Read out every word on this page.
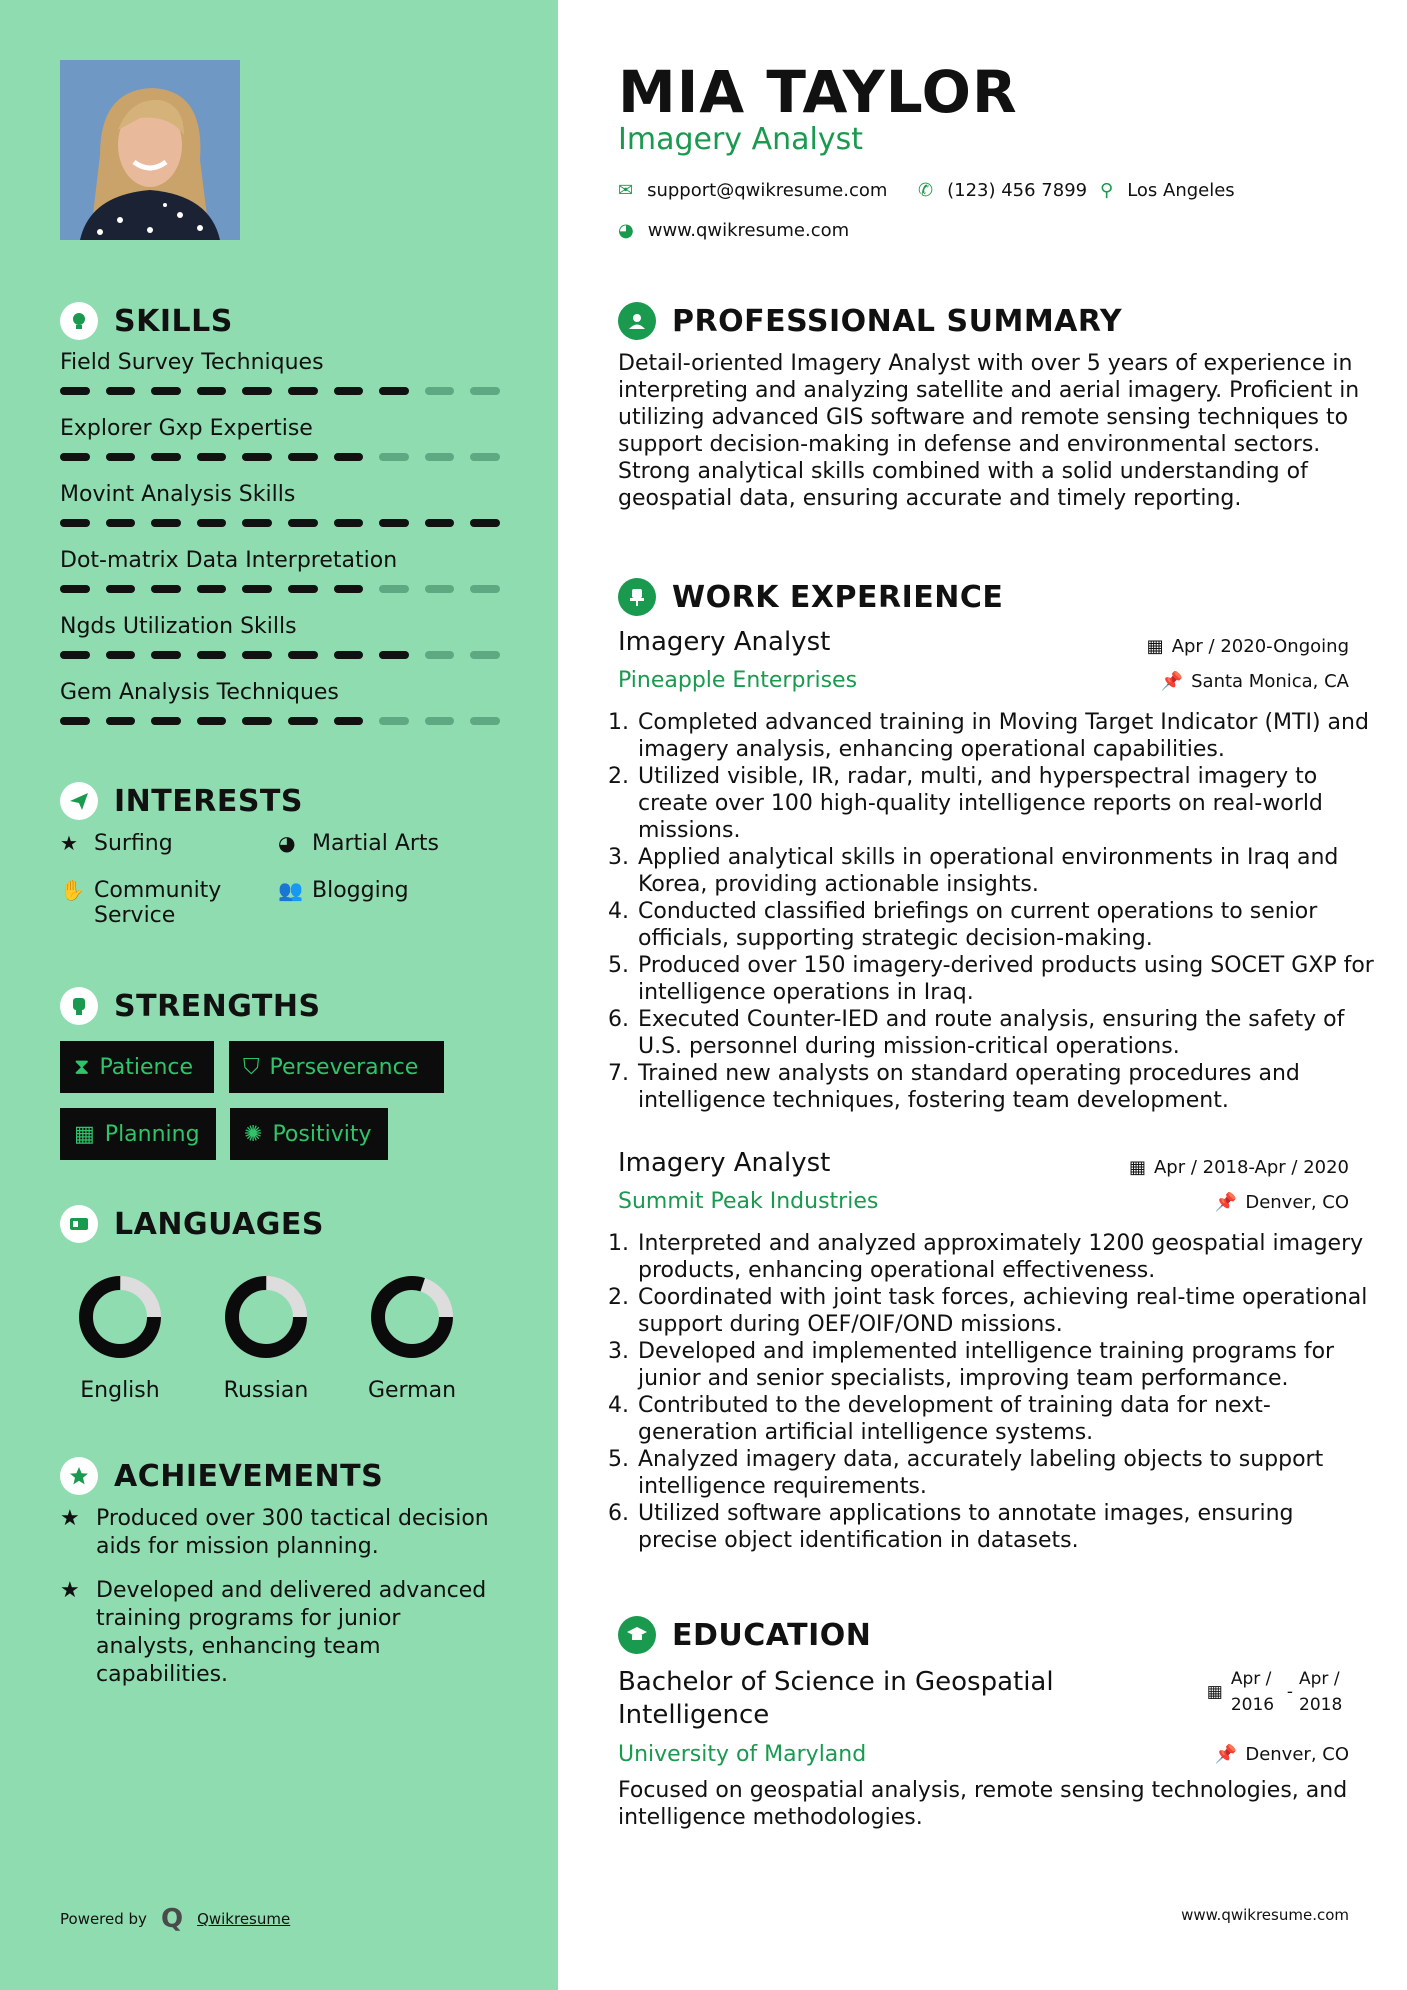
SKILLS
Field Survey Techniques
Explorer Gxp Expertise
Movint Analysis Skills
Dot-matrix Data Interpretation
Ngds Utilization Skills
Gem Analysis Techniques
INTERESTS
★ Surfing	◕ Martial Arts
✋ Community Service
👥 Blogging
STRENGTHS
⧗ Patience ⛉ Perseverance
▦ Planning ✺ Positivity
LANGUAGES
English	Russian	German
ACHIEVEMENTS
★ Produced over 300 tactical decision aids for mission planning.
★ Developed and delivered advanced training programs for junior analysts, enhancing team capabilities.
Powered by Q Qwikresume
MIA TAYLOR
Imagery Analyst
✉ support@qwikresume.com ✆ (123) 456 7899 ⚲ Los Angeles
◕ www.qwikresume.com
PROFESSIONAL SUMMARY
Detail-oriented Imagery Analyst with over 5 years of experience in interpreting and analyzing satellite and aerial imagery. Proficient in utilizing advanced GIS software and remote sensing techniques to support decision-making in defense and environmental sectors. Strong analytical skills combined with a solid understanding of geospatial data, ensuring accurate and timely reporting.
WORK EXPERIENCE
Imagery Analyst
Pineapple Enterprises
▦ Apr / 2020-Ongoing
📌 Santa Monica, CA
1. Completed advanced training in Moving Target Indicator (MTI) and imagery analysis, enhancing operational capabilities.
2. Utilized visible, IR, radar, multi, and hyperspectral imagery to create over 100 high-quality intelligence reports on real-world missions.
3. Applied analytical skills in operational environments in Iraq and Korea, providing actionable insights.
4. Conducted classified briefings on current operations to senior officials, supporting strategic decision-making.
5. Produced over 150 imagery-derived products using SOCET GXP for intelligence operations in Iraq.
6. Executed Counter-IED and route analysis, ensuring the safety of U.S. personnel during mission-critical operations.
7. Trained new analysts on standard operating procedures and intelligence techniques, fostering team development.
Imagery Analyst
Summit Peak Industries
▦ Apr / 2018-Apr / 2020
📌 Denver, CO
1. Interpreted and analyzed approximately 1200 geospatial imagery products, enhancing operational effectiveness.
2. Coordinated with joint task forces, achieving real-time operational support during OEF/OIF/OND missions.
3. Developed and implemented intelligence training programs for junior and senior specialists, improving team performance.
4. Contributed to the development of training data for next-generation artificial intelligence systems.
5. Analyzed imagery data, accurately labeling objects to support intelligence requirements.
6. Utilized software applications to annotate images, ensuring precise object identification in datasets.
EDUCATION
Bachelor of Science in Geospatial Intelligence
▦
Apr / 2016
-
Apr / 2018
University of Maryland	📌 Denver, CO
Focused on geospatial analysis, remote sensing technologies, and intelligence methodologies.
www.qwikresume.com
